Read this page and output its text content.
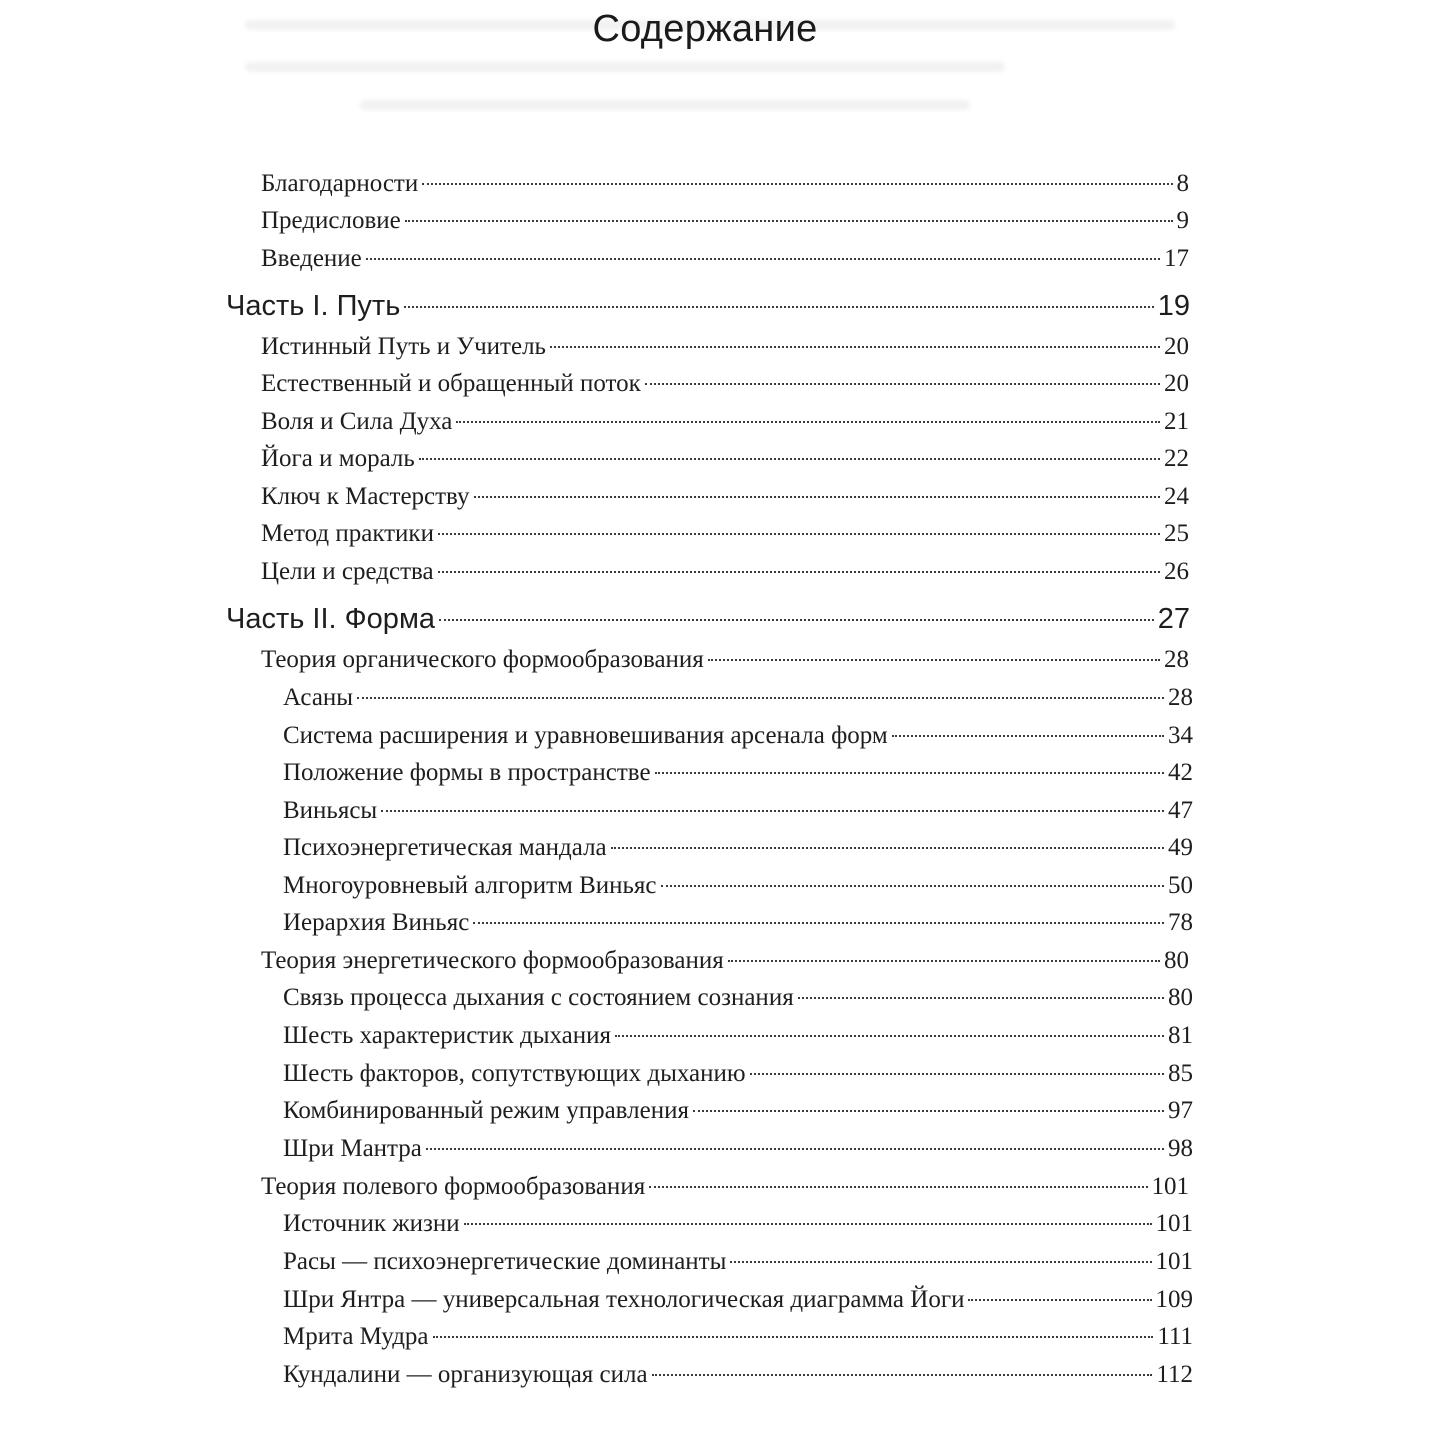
Содержание
Благодарности	8
Предисловие	9
Введение	17
Часть I. Путь	19
Истинный Путь и Учитель	20
Естественный и обращенный поток	20
Воля и Сила Духа	21
Йога и мораль	22
Ключ к Мастерству	24
Метод практики	25
Цели и средства	26
Часть II. Форма	27
Теория органического формообразования	28
Асаны	28
Система расширения и уравновешивания арсенала форм	34
Положение формы в пространстве	42
Виньясы	47
Психоэнергетическая мандала	49
Многоуровневый алгоритм Виньяс	50
Иерархия Виньяс	78
Теория энергетического формообразования	80
Связь процесса дыхания с состоянием сознания	80
Шесть характеристик дыхания	81
Шесть факторов, сопутствующих дыханию	85
Комбинированный режим управления	97
Шри Мантра	98
Теория полевого формообразования	101
Источник жизни	101
Расы — психоэнергетические доминанты	101
Шри Янтра — универсальная технологическая диаграмма Йоги	109
Мрита Мудра	111
Кундалини — организующая сила	112
